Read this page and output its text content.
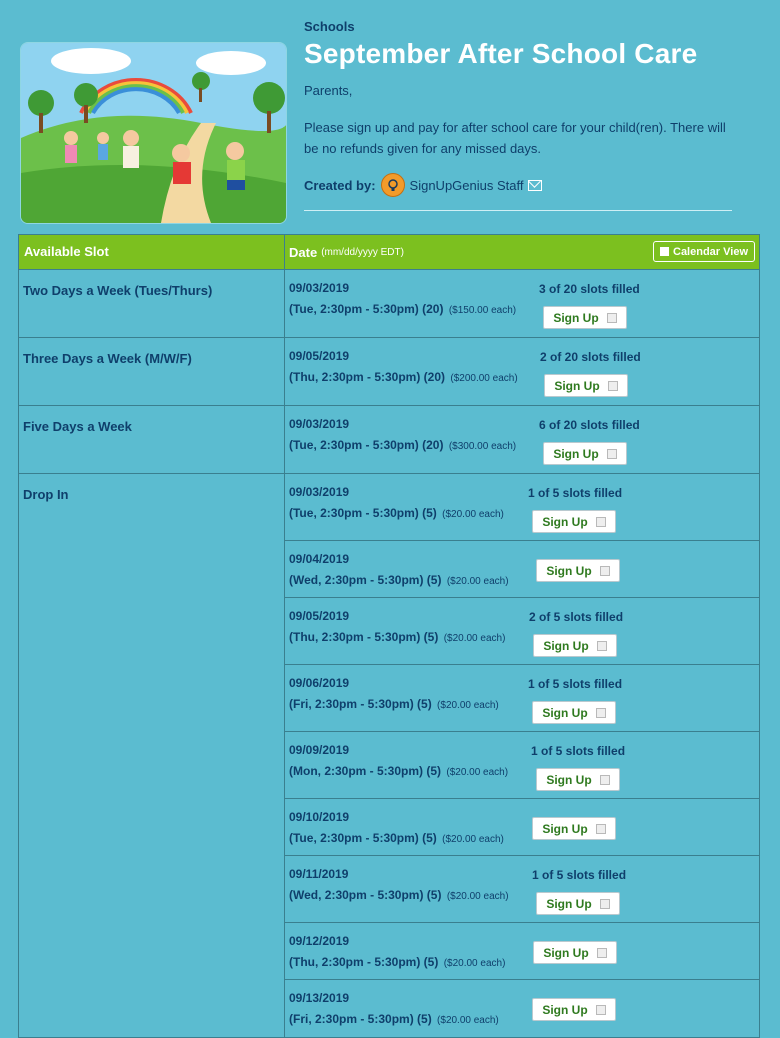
Schools
September After School Care
Parents,
Please sign up and pay for after school care for your child(ren). There will be no refunds given for any missed days.
Created by:	SignUpGenius Staff
Available Slot	Date (mm/dd/yyyy EDT)	Calendar View
Two Days a Week (Tues/Thurs)	09/03/2019
(Tue, 2:30pm - 5:30pm) (20) ($150.00 each)
3 of 20 slots filled
Sign Up
Three Days a Week (M/W/F)	09/05/2019
(Thu, 2:30pm - 5:30pm) (20) ($200.00 each)
2 of 20 slots filled
Sign Up
Five Days a Week	09/03/2019
(Tue, 2:30pm - 5:30pm) (20) ($300.00 each)
6 of 20 slots filled
Sign Up
Drop In	09/03/2019
(Tue, 2:30pm - 5:30pm) (5) ($20.00 each)
1 of 5 slots filled
Sign Up
09/04/2019
(Wed, 2:30pm - 5:30pm) (5) ($20.00 each)
Sign Up
09/05/2019
(Thu, 2:30pm - 5:30pm) (5) ($20.00 each)
2 of 5 slots filled
Sign Up
09/06/2019
(Fri, 2:30pm - 5:30pm) (5) ($20.00 each)
1 of 5 slots filled
Sign Up
09/09/2019
(Mon, 2:30pm - 5:30pm) (5) ($20.00 each)
1 of 5 slots filled
Sign Up
09/10/2019
(Tue, 2:30pm - 5:30pm) (5) ($20.00 each)
Sign Up
09/11/2019
(Wed, 2:30pm - 5:30pm) (5) ($20.00 each)
1 of 5 slots filled
Sign Up
09/12/2019
(Thu, 2:30pm - 5:30pm) (5) ($20.00 each)
Sign Up
09/13/2019
(Fri, 2:30pm - 5:30pm) (5) ($20.00 each)
Sign Up
